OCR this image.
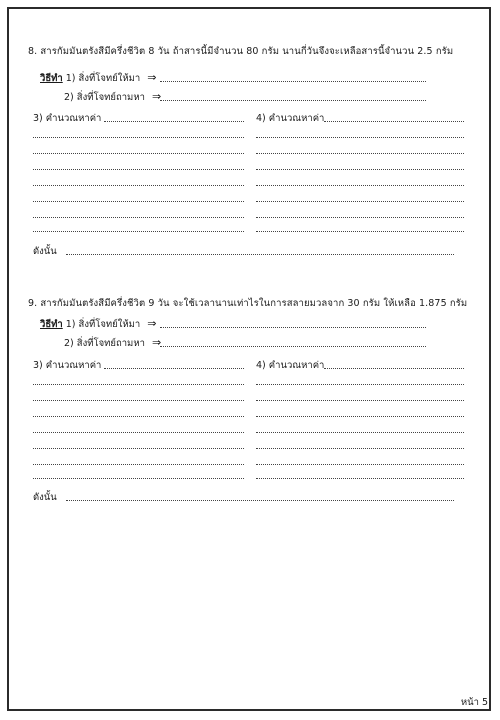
8. สารกัมมันตรังสีมีครึ่งชีวิต 8 วัน ถ้าสารนี้มีจำนวน 80 กรัม นานกี่วันจึงจะเหลือสารนี้จำนวน 2.5 กรัม
วิธีทำ 1) สิ่งที่โจทย์ให้มา ⇒
2) สิ่งที่โจทย์ถามหา ⇒
3) คำนวณหาค่า	4) คำนวณหาค่า
ดังนั้น
9. สารกัมมันตรังสีมีครึ่งชีวิต 9 วัน จะใช้เวลานานเท่าไรในการสลายมวลจาก 30 กรัม ให้เหลือ 1.875 กรัม
วิธีทำ 1) สิ่งที่โจทย์ให้มา ⇒
2) สิ่งที่โจทย์ถามหา ⇒
3) คำนวณหาค่า	4) คำนวณหาค่า
ดังนั้น
หน้า 5
